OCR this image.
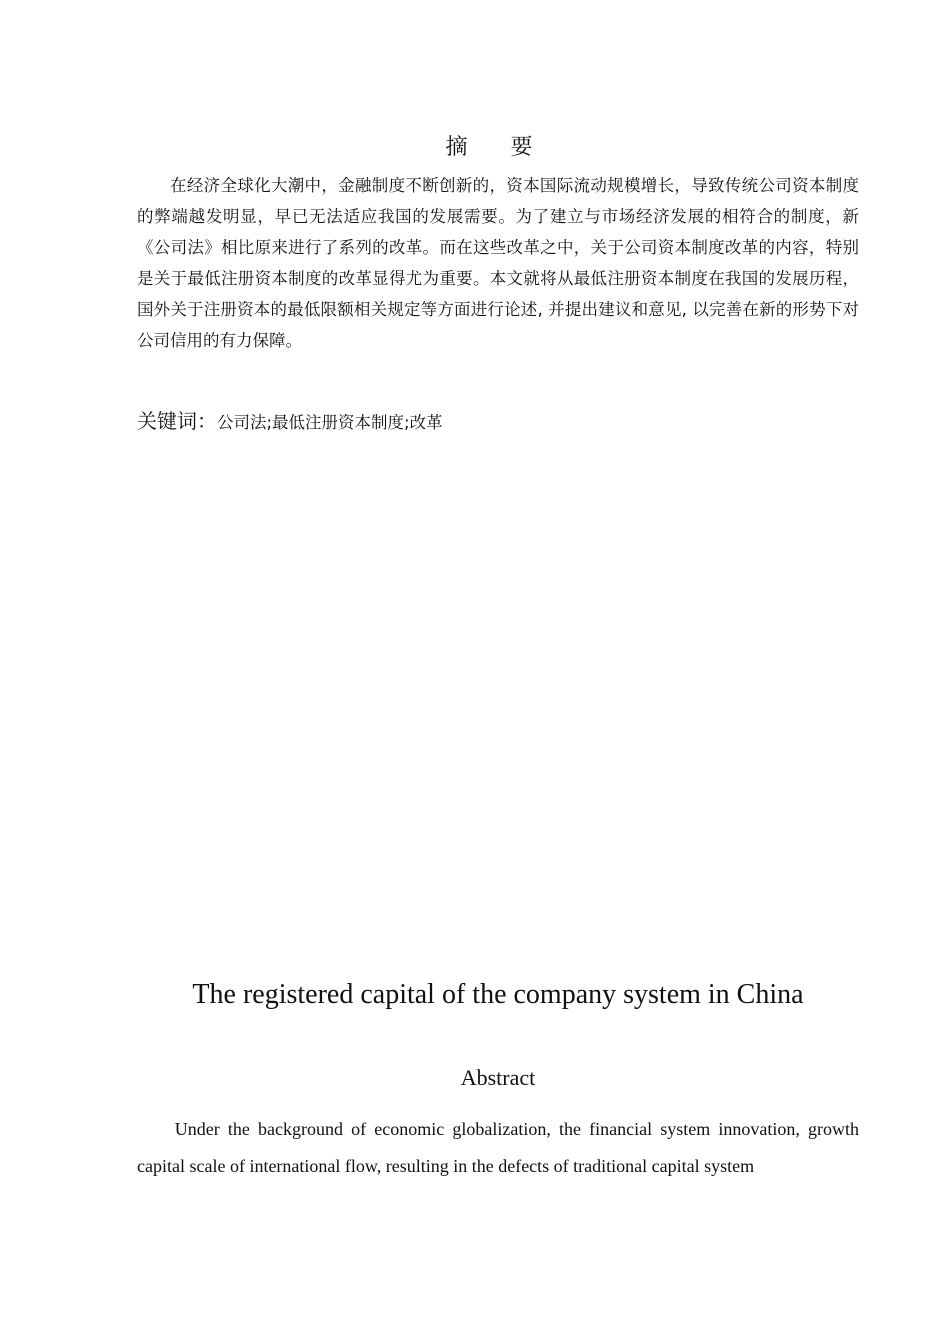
摘 要

在经济全球化大潮中，金融制度不断创新的，资本国际流动规模增长，导致传统公司资本制度的弊端越发明显，早已无法适应我国的发展需要。为了建立与市场经济发展的相符合的制度，新《公司法》相比原来进行了系列的改革。而在这些改革之中，关于公司资本制度改革的内容，特别是关于最低注册资本制度的改革显得尤为重要。本文就将从最低注册资本制度在我国的发展历程，国外关于注册资本的最低限额相关规定等方面进行论述, 并提出建议和意见, 以完善在新的形势下对公司信用的有力保障。

关键词：公司法;最低注册资本制度;改革
The registered capital of the company system in China
Abstract

Under the background of economic globalization, the financial system innovation, growth capital scale of international flow, resulting in the defects of traditional capital system
